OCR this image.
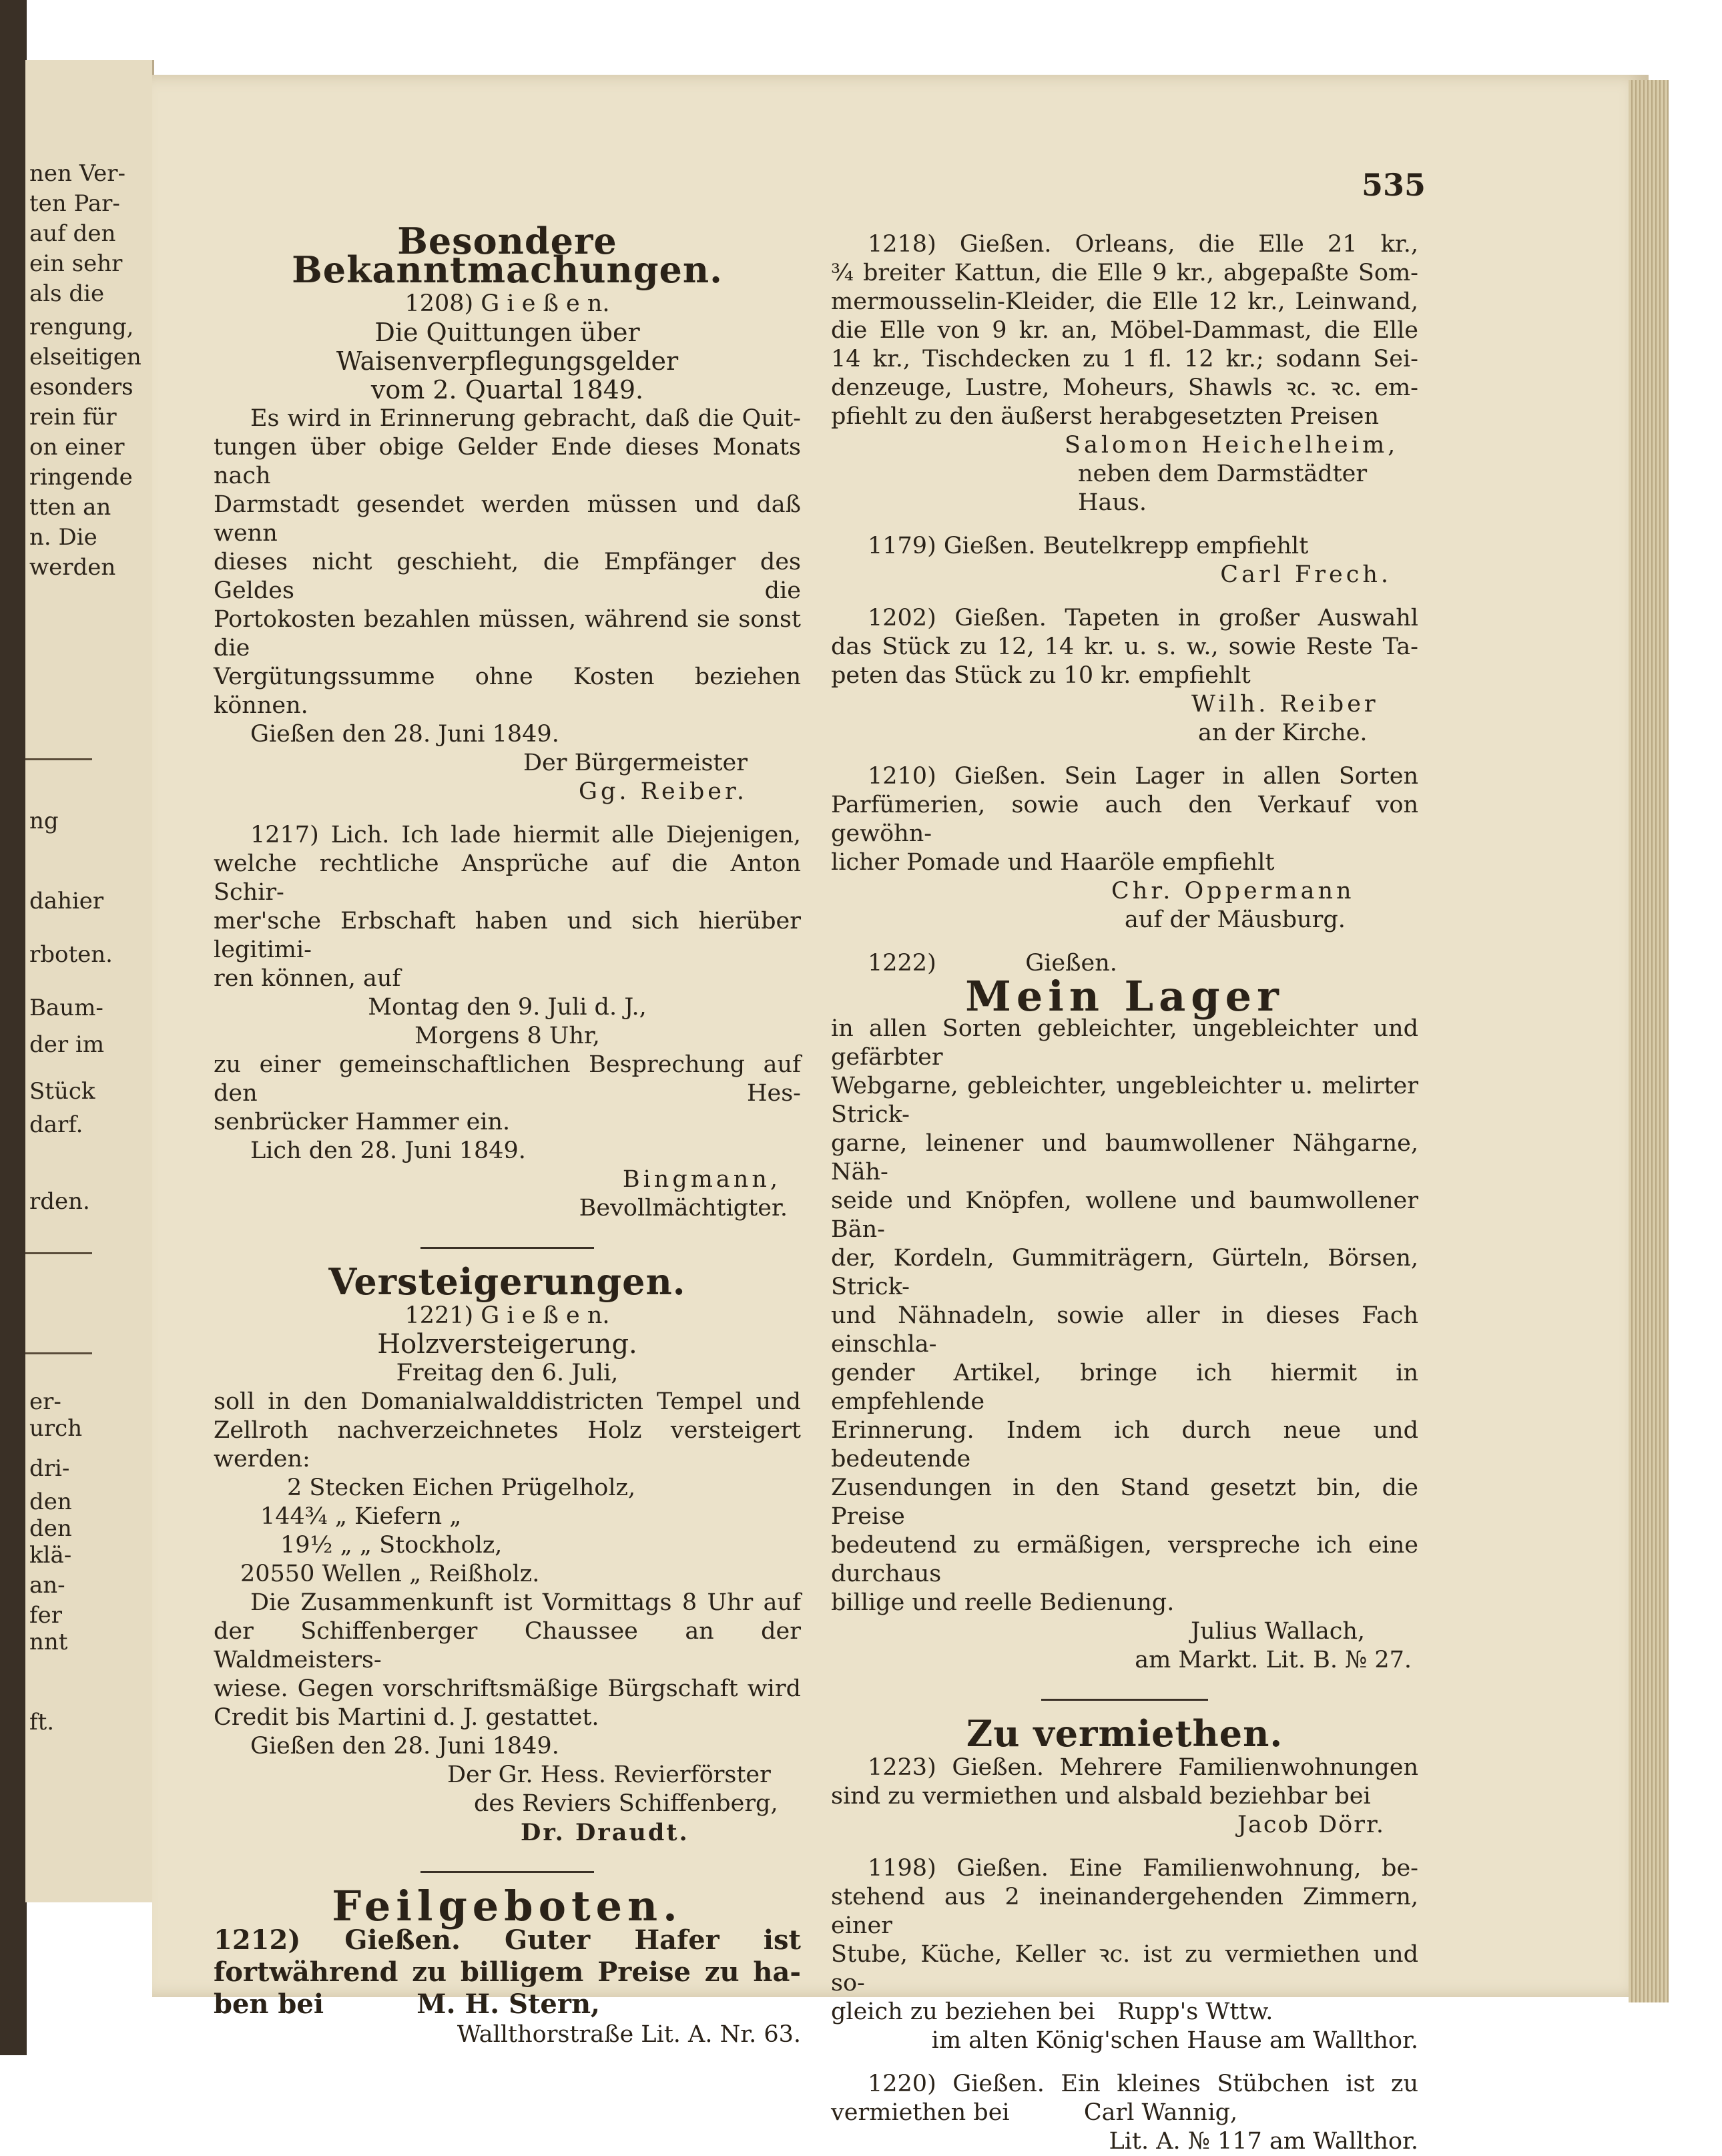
nen Ver-
ten Par-
auf den
ein sehr
als die
rengung,
elseitigen
esonders
rein für
on einer
ringende
tten an
n. Die
werden
ng
dahier
rboten.
Baum-
der im
Stück
darf.
rden.
er-
urch
dri-
den
den
klä-
an-
fer
nnt
ft.
535
Besondere Bekanntmachungen.

1208) G i e ß e n.

Die Quittungen über Waisenverpflegungsgelder

vom 2. Quartal 1849.

Es wird in Erinnerung gebracht, daß die Quit-

tungen über obige Gelder Ende dieses Monats nach

Darmstadt gesendet werden müssen und daß wenn

dieses nicht geschieht, die Empfänger des Geldes die

Portokosten bezahlen müssen, während sie sonst die

Vergütungssumme ohne Kosten beziehen können.

Gießen den 28. Juni 1849.

Der Bürgermeister

Gg. Reiber.

1217) Lich. Ich lade hiermit alle Diejenigen,

welche rechtliche Ansprüche auf die Anton Schir-

mer'sche Erbschaft haben und sich hierüber legitimi-

ren können, auf

Montag den 9. Juli d. J.,

Morgens 8 Uhr,

zu einer gemeinschaftlichen Besprechung auf den Hes-

senbrücker Hammer ein.

Lich den 28. Juni 1849.

Bingmann,

Bevollmächtigter.

Versteigerungen.

1221) G i e ß e n.

Holzversteigerung.

Freitag den 6. Juli,

soll in den Domanialwalddistricten Tempel und

Zellroth nachverzeichnetes Holz versteigert werden:

2 Stecken Eichen Prügelholz,

144¾ „ Kiefern „

19½ „ „ Stockholz,

20550 Wellen „ Reißholz.

Die Zusammenkunft ist Vormittags 8 Uhr auf

der Schiffenberger Chaussee an der Waldmeisters-

wiese. Gegen vorschriftsmäßige Bürgschaft wird

Credit bis Martini d. J. gestattet.

Gießen den 28. Juni 1849.

Der Gr. Hess. Revierförster

des Reviers Schiffenberg,

Dr. Draudt.

Feilgeboten.

1212) Gießen. Guter Hafer ist

fortwährend zu billigem Preise zu ha-

ben bei          M. H. Stern,

Wallthorstraße Lit. A. Nr. 63.

1218) Gießen. Orleans, die Elle 21 kr.,

¾ breiter Kattun, die Elle 9 kr., abgepaßte Som-

mermousselin-Kleider, die Elle 12 kr., Leinwand,

die Elle von 9 kr. an, Möbel-Dammast, die Elle

14 kr., Tischdecken zu 1 fl. 12 kr.; sodann Sei-

denzeuge, Lustre, Moheurs, Shawls ꝛc. ꝛc. em-

pfiehlt zu den äußerst herabgesetzten Preisen

Salomon Heichelheim,

neben dem Darmstädter Haus.

1179) Gießen. Beutelkrepp empfiehlt

Carl Frech.

1202) Gießen. Tapeten in großer Auswahl

das Stück zu 12, 14 kr. u. s. w., sowie Reste Ta-

peten das Stück zu 10 kr. empfiehlt

Wilh. Reiber

an der Kirche.

1210) Gießen. Sein Lager in allen Sorten

Parfümerien, sowie auch den Verkauf von gewöhn-

licher Pomade und Haaröle empfiehlt

Chr. Oppermann

auf der Mäusburg.

1222)            Gießen.

Mein Lager

in allen Sorten gebleichter, ungebleichter und gefärbter

Webgarne, gebleichter, ungebleichter u. melirter Strick-

garne, leinener und baumwollener Nähgarne, Näh-

seide und Knöpfen, wollene und baumwollener Bän-

der, Kordeln, Gummiträgern, Gürteln, Börsen, Strick-

und Nähnadeln, sowie aller in dieses Fach einschla-

gender Artikel, bringe ich hiermit in empfehlende

Erinnerung. Indem ich durch neue und bedeutende

Zusendungen in den Stand gesetzt bin, die Preise

bedeutend zu ermäßigen, verspreche ich eine durchaus

billige und reelle Bedienung.

Julius Wallach,

am Markt. Lit. B. № 27.

Zu vermiethen.

1223) Gießen. Mehrere Familienwohnungen

sind zu vermiethen und alsbald beziehbar bei

Jacob Dörr.

1198) Gießen. Eine Familienwohnung, be-

stehend aus 2 ineinandergehenden Zimmern, einer

Stube, Küche, Keller ꝛc. ist zu vermiethen und so-

gleich zu beziehen bei   Rupp's Wttw.

im alten König'schen Hause am Wallthor.

1220) Gießen. Ein kleines Stübchen ist zu

vermiethen bei          Carl Wannig,

Lit. A. № 117 am Wallthor.
